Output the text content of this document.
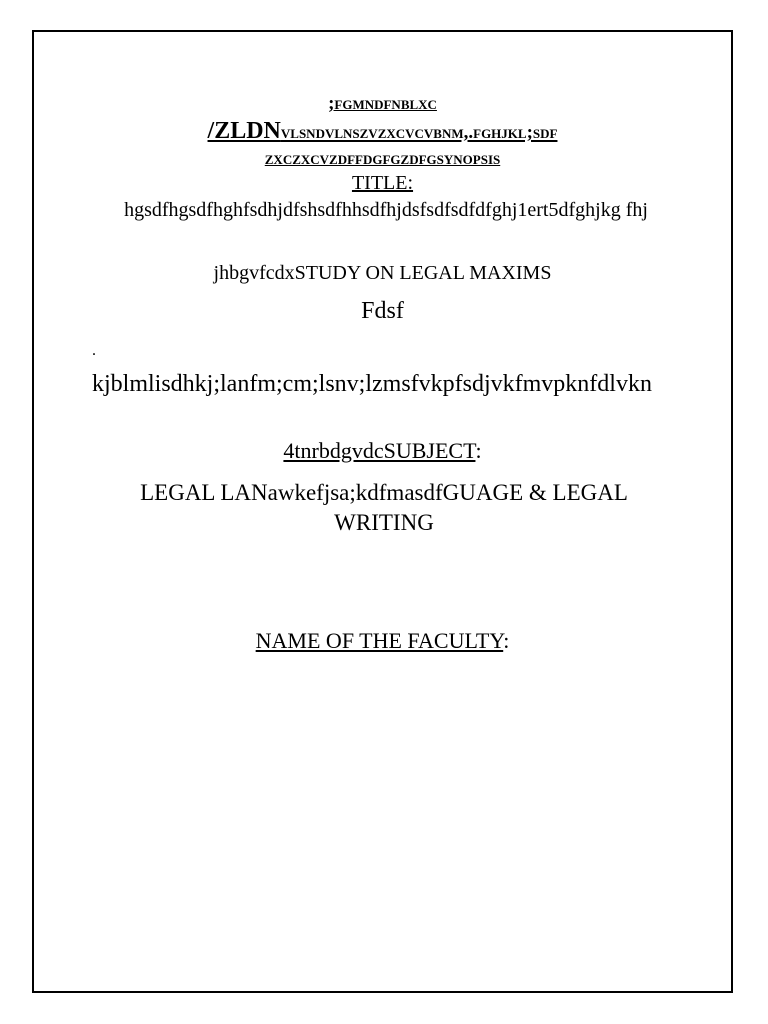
;fgmndfnblxc
/ZLDNvlsndvlnszvzxcvcvbnm,.fghjkl;sdf
zxczxcvzdffdgfgzdfgsynopsis
TITLE:
hgsdfhgsdfhghfsdhjdfshsdfhhsdfhjdsfsdfsdfdfghj1ert5dfghjkg fhj
jhbgvfcdxSTUDY ON LEGAL MAXIMS
Fdsf
.
kjblmlisdhkj;lanfm;cm;lsnv;lzmsfvkpfsdjvkfmvpknfdlvkn
4tnrbdgvdcSUBJECT:
LEGAL LANawkefjsa;kdfmasdfGUAGE & LEGAL WRITING
NAME OF THE FACULTY:
